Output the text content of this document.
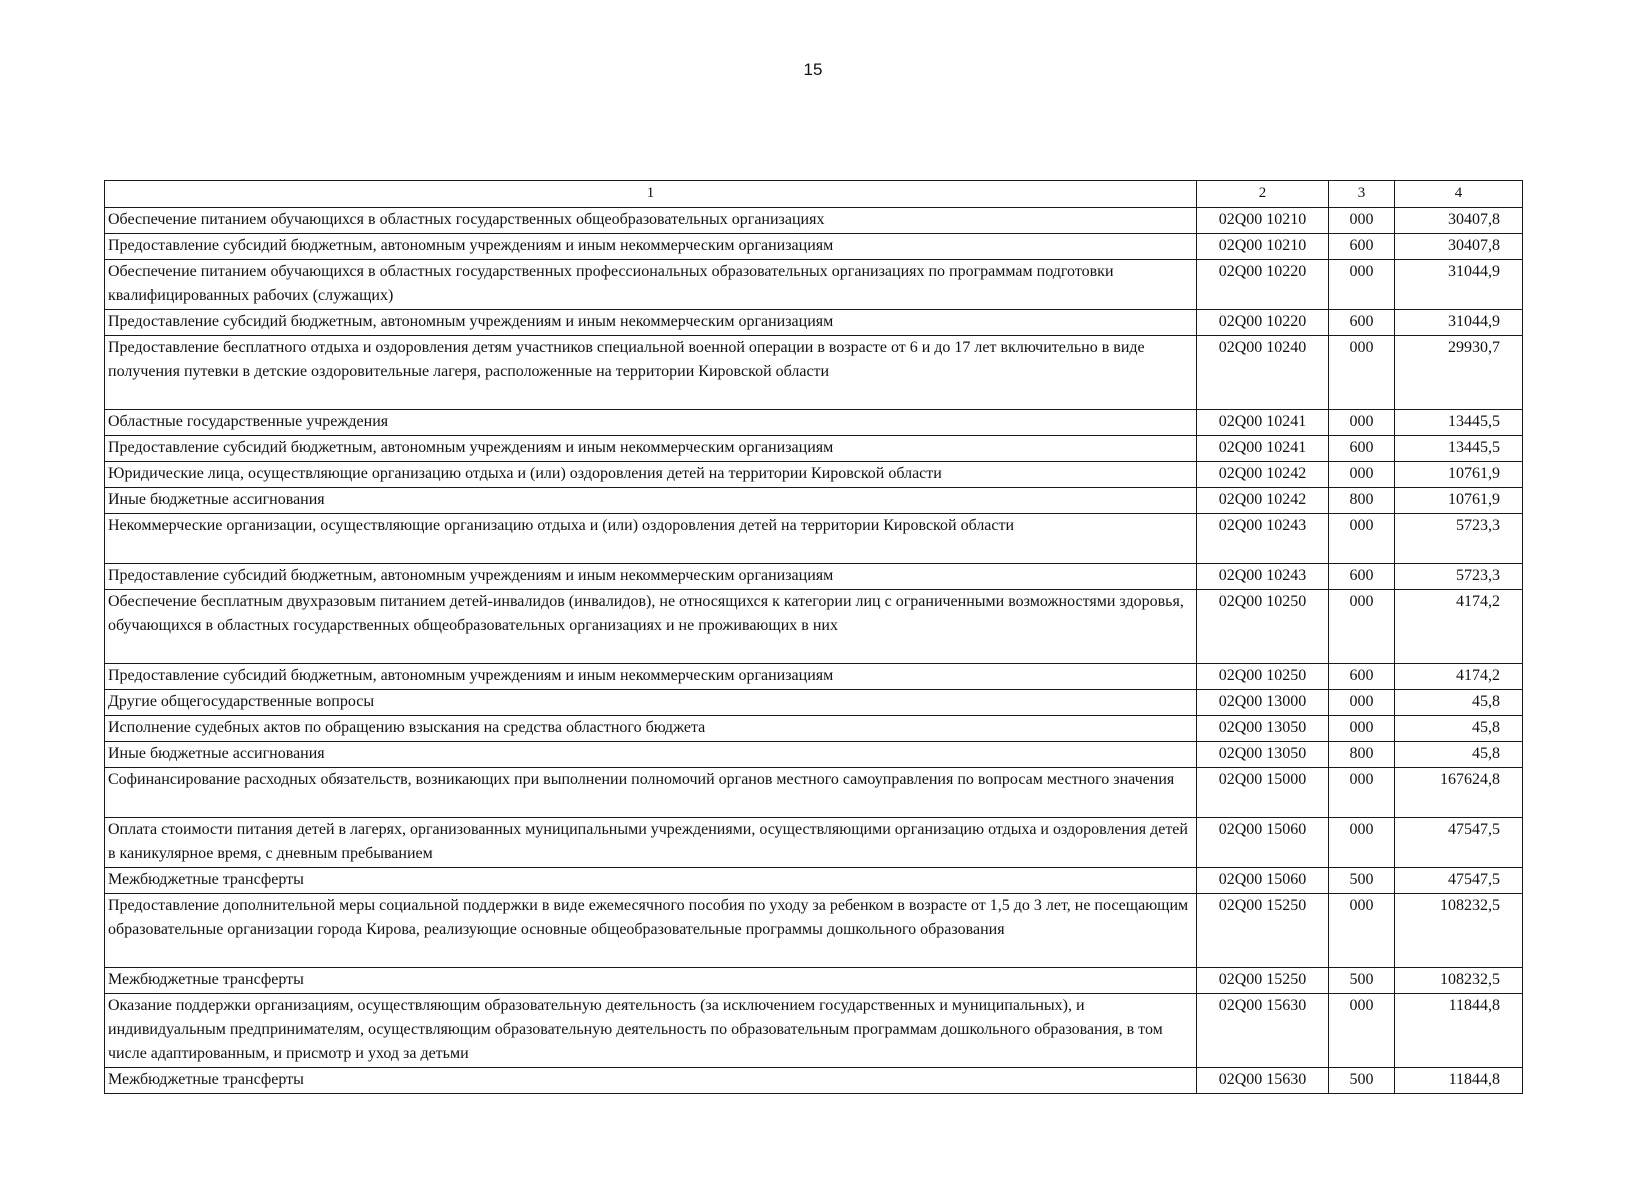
15
1	2	3	4
Обеспечение питанием обучающихся в областных государственных общеобразовательных организациях	02Q00 10210	000	30407,8
Предоставление субсидий бюджетным, автономным учреждениям и иным некоммерческим организациям	02Q00 10210	600	30407,8
Обеспечение питанием обучающихся в областных государственных профессиональных образовательных организациях по программам подготовки квалифицированных рабочих (служащих)	02Q00 10220	000	31044,9
Предоставление субсидий бюджетным, автономным учреждениям и иным некоммерческим организациям	02Q00 10220	600	31044,9
Предоставление бесплатного отдыха и оздоровления детям участников специальной военной операции в возрасте от 6 и до 17 лет включительно в виде получения путевки в детские оздоровительные лагеря, расположенные на территории Кировской области	02Q00 10240	000	29930,7
Областные государственные учреждения	02Q00 10241	000	13445,5
Предоставление субсидий бюджетным, автономным учреждениям и иным некоммерческим организациям	02Q00 10241	600	13445,5
Юридические лица, осуществляющие организацию отдыха и (или) оздоровления детей на территории Кировской области	02Q00 10242	000	10761,9
Иные бюджетные ассигнования	02Q00 10242	800	10761,9
Некоммерческие организации, осуществляющие организацию отдыха и (или) оздоровления детей на территории Кировской области	02Q00 10243	000	5723,3
Предоставление субсидий бюджетным, автономным учреждениям и иным некоммерческим организациям	02Q00 10243	600	5723,3
Обеспечение бесплатным двухразовым питанием детей-инвалидов (инвалидов), не относящихся к категории лиц с ограниченными возможностями здоровья, обучающихся в областных государственных общеобразовательных организациях и не проживающих в них	02Q00 10250	000	4174,2
Предоставление субсидий бюджетным, автономным учреждениям и иным некоммерческим организациям	02Q00 10250	600	4174,2
Другие общегосударственные вопросы	02Q00 13000	000	45,8
Исполнение судебных актов по обращению взыскания на средства областного бюджета	02Q00 13050	000	45,8
Иные бюджетные ассигнования	02Q00 13050	800	45,8
Софинансирование расходных обязательств, возникающих при выполнении полномочий органов местного самоуправления по вопросам местного значения	02Q00 15000	000	167624,8
Оплата стоимости питания детей в лагерях, организованных муниципальными учреждениями, осуществляющими организацию отдыха и оздоровления детей в каникулярное время, с дневным пребыванием	02Q00 15060	000	47547,5
Межбюджетные трансферты	02Q00 15060	500	47547,5
Предоставление дополнительной меры социальной поддержки в виде ежемесячного пособия по уходу за ребенком в возрасте от 1,5 до 3 лет, не посещающим образовательные организации города Кирова, реализующие основные общеобразовательные программы дошкольного образования	02Q00 15250	000	108232,5
Межбюджетные трансферты	02Q00 15250	500	108232,5
Оказание поддержки организациям, осуществляющим образовательную деятельность (за исключением государственных и муниципальных), и индивидуальным предпринимателям, осуществляющим образовательную деятельность по образовательным программам дошкольного образования, в том числе адаптированным, и присмотр и уход за детьми	02Q00 15630	000	11844,8
Межбюджетные трансферты	02Q00 15630	500	11844,8
